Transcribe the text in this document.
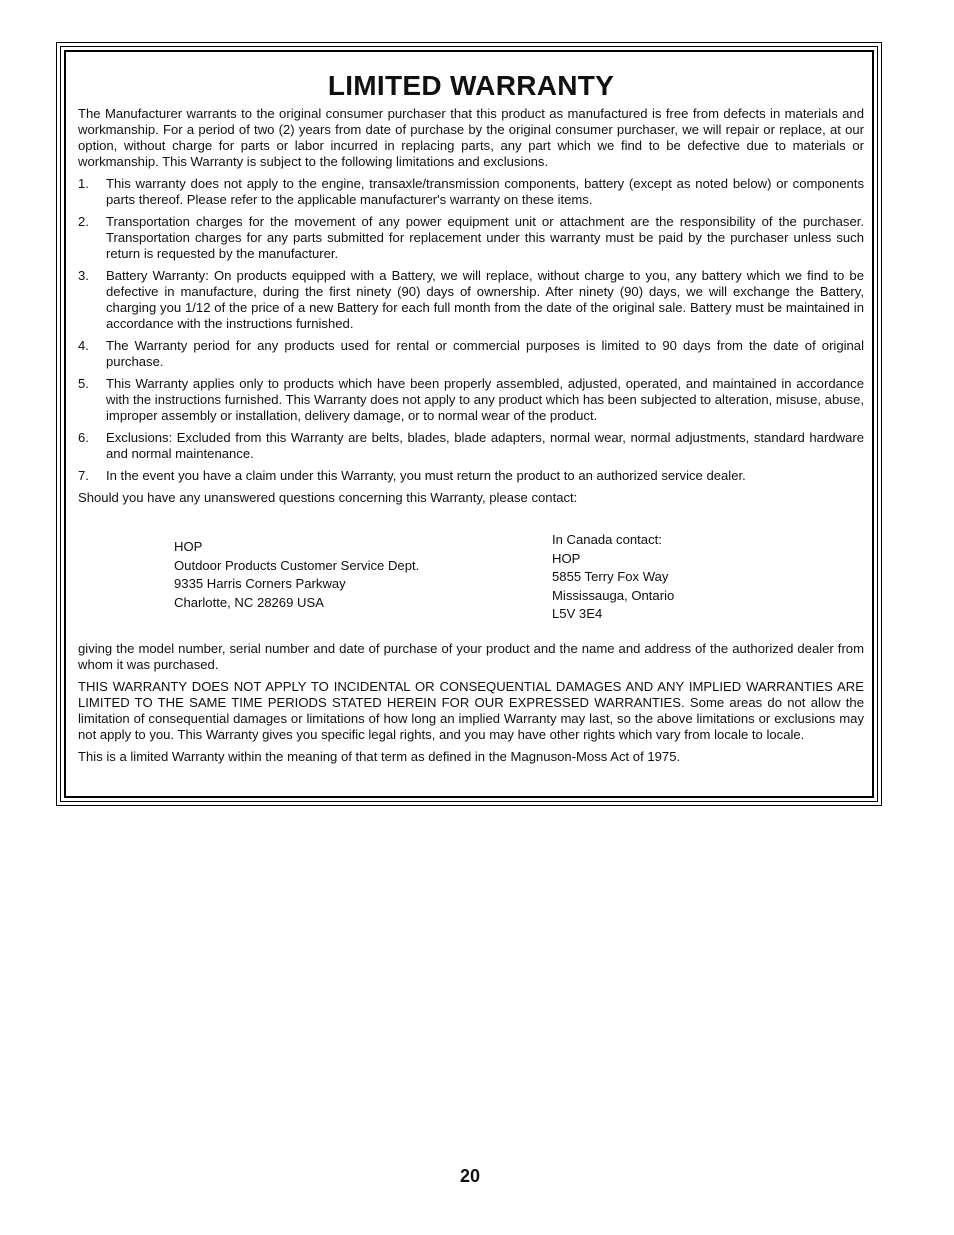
LIMITED WARRANTY

The Manufacturer warrants to the original consumer purchaser that this product as manufactured is free from defects in materials and workmanship. For a period of two (2) years from date of purchase by the original consumer purchaser, we will repair or replace, at our option, without charge for parts or labor incurred in replacing parts, any part which we find to be defective due to materials or workmanship. This Warranty is subject to the following limitations and exclusions.

1. This warranty does not apply to the engine, transaxle/transmission components, battery (except as noted below) or components parts thereof. Please refer to the applicable manufacturer's warranty on these items.
2. Transportation charges for the movement of any power equipment unit or attachment are the responsibility of the purchaser. Transportation charges for any parts submitted for replacement under this warranty must be paid by the purchaser unless such return is requested by the manufacturer.
3. Battery Warranty: On products equipped with a Battery, we will replace, without charge to you, any battery which we find to be defective in manufacture, during the first ninety (90) days of ownership. After ninety (90) days, we will exchange the Battery, charging you 1/12 of the price of a new Battery for each full month from the date of the original sale. Battery must be maintained in accordance with the instructions furnished.
4. The Warranty period for any products used for rental or commercial purposes is limited to 90 days from the date of original purchase.
5. This Warranty applies only to products which have been properly assembled, adjusted, operated, and maintained in accordance with the instructions furnished. This Warranty does not apply to any product which has been subjected to alteration, misuse, abuse, improper assembly or installation, delivery damage, or to normal wear of the product.
6. Exclusions: Excluded from this Warranty are belts, blades, blade adapters, normal wear, normal adjustments, standard hardware and normal maintenance.
7. In the event you have a claim under this Warranty, you must return the product to an authorized service dealer.

Should you have any unanswered questions concerning this Warranty, please contact:

HOP
Outdoor Products Customer Service Dept.
9335 Harris Corners Parkway
Charlotte, NC 28269 USA
In Canada contact:
HOP
5855 Terry Fox Way
Mississauga, Ontario
L5V 3E4

giving the model number, serial number and date of purchase of your product and the name and address of the authorized dealer from whom it was purchased.

THIS WARRANTY DOES NOT APPLY TO INCIDENTAL OR CONSEQUENTIAL DAMAGES AND ANY IMPLIED WARRANTIES ARE LIMITED TO THE SAME TIME PERIODS STATED HEREIN FOR OUR EXPRESSED WARRANTIES. Some areas do not allow the limitation of consequential damages or limitations of how long an implied Warranty may last, so the above limitations or exclusions may not apply to you. This Warranty gives you specific legal rights, and you may have other rights which vary from locale to locale.

This is a limited Warranty within the meaning of that term as defined in the Magnuson-Moss Act of 1975.

20
